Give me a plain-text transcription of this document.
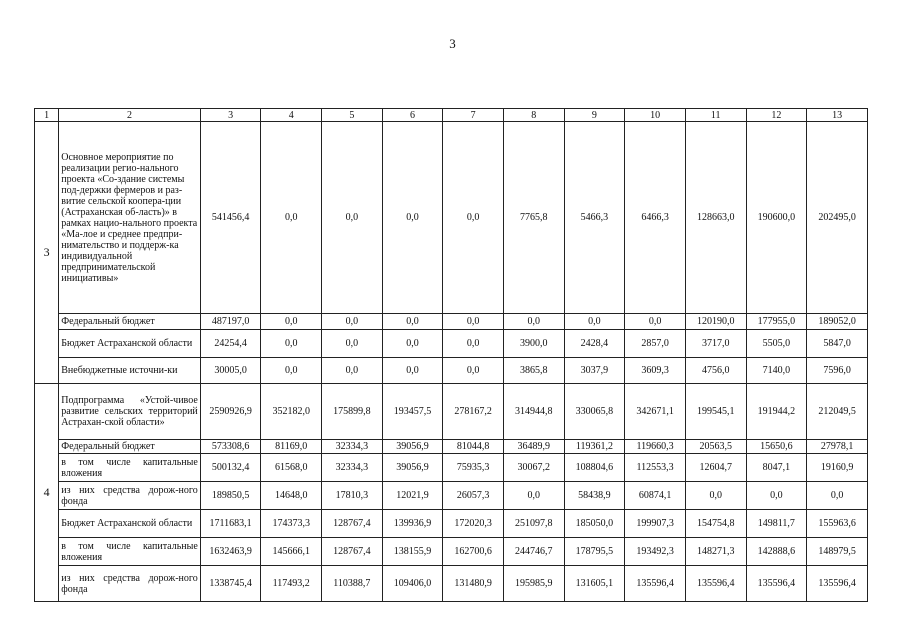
3
1	2	3	4	5	6	7	8	9	10	11	12	13
3	Основное мероприятие по реализации регио-нального проекта «Со-здание системы под-держки фермеров и раз-витие сельской коопера-ции (Астраханская об-ласть)» в рамках нацио-нального проекта «Ма-лое и среднее предпри-нимательство и поддерж-ка индивидуальной предпринимательской инициативы»	541456,4	0,0	0,0	0,0	0,0	7765,8	5466,3	6466,3	128663,0	190600,0	202495,0
	Федеральный бюджет	487197,0	0,0	0,0	0,0	0,0	0,0	0,0	0,0	120190,0	177955,0	189052,0
	Бюджет Астраханской области	24254,4	0,0	0,0	0,0	0,0	3900,0	2428,4	2857,0	3717,0	5505,0	5847,0
	Внебюджетные источни-ки	30005,0	0,0	0,0	0,0	0,0	3865,8	3037,9	3609,3	4756,0	7140,0	7596,0
4	Подпрограмма «Устой-чивое развитие сельских территорий Астрахан-ской области»	2590926,9	352182,0	175899,8	193457,5	278167,2	314944,8	330065,8	342671,1	199545,1	191944,2	212049,5
	Федеральный бюджет	573308,6	81169,0	32334,3	39056,9	81044,8	36489,9	119361,2	119660,3	20563,5	15650,6	27978,1
	в том числе капитальные вложения	500132,4	61568,0	32334,3	39056,9	75935,3	30067,2	108804,6	112553,3	12604,7	8047,1	19160,9
	из них средства дорож-ного фонда	189850,5	14648,0	17810,3	12021,9	26057,3	0,0	58438,9	60874,1	0,0	0,0	0,0
	Бюджет Астраханской области	1711683,1	174373,3	128767,4	139936,9	172020,3	251097,8	185050,0	199907,3	154754,8	149811,7	155963,6
	в том числе капитальные вложения	1632463,9	145666,1	128767,4	138155,9	162700,6	244746,7	178795,5	193492,3	148271,3	142888,6	148979,5
	из них средства дорож-ного фонда	1338745,4	117493,2	110388,7	109406,0	131480,9	195985,9	131605,1	135596,4	135596,4	135596,4	135596,4
